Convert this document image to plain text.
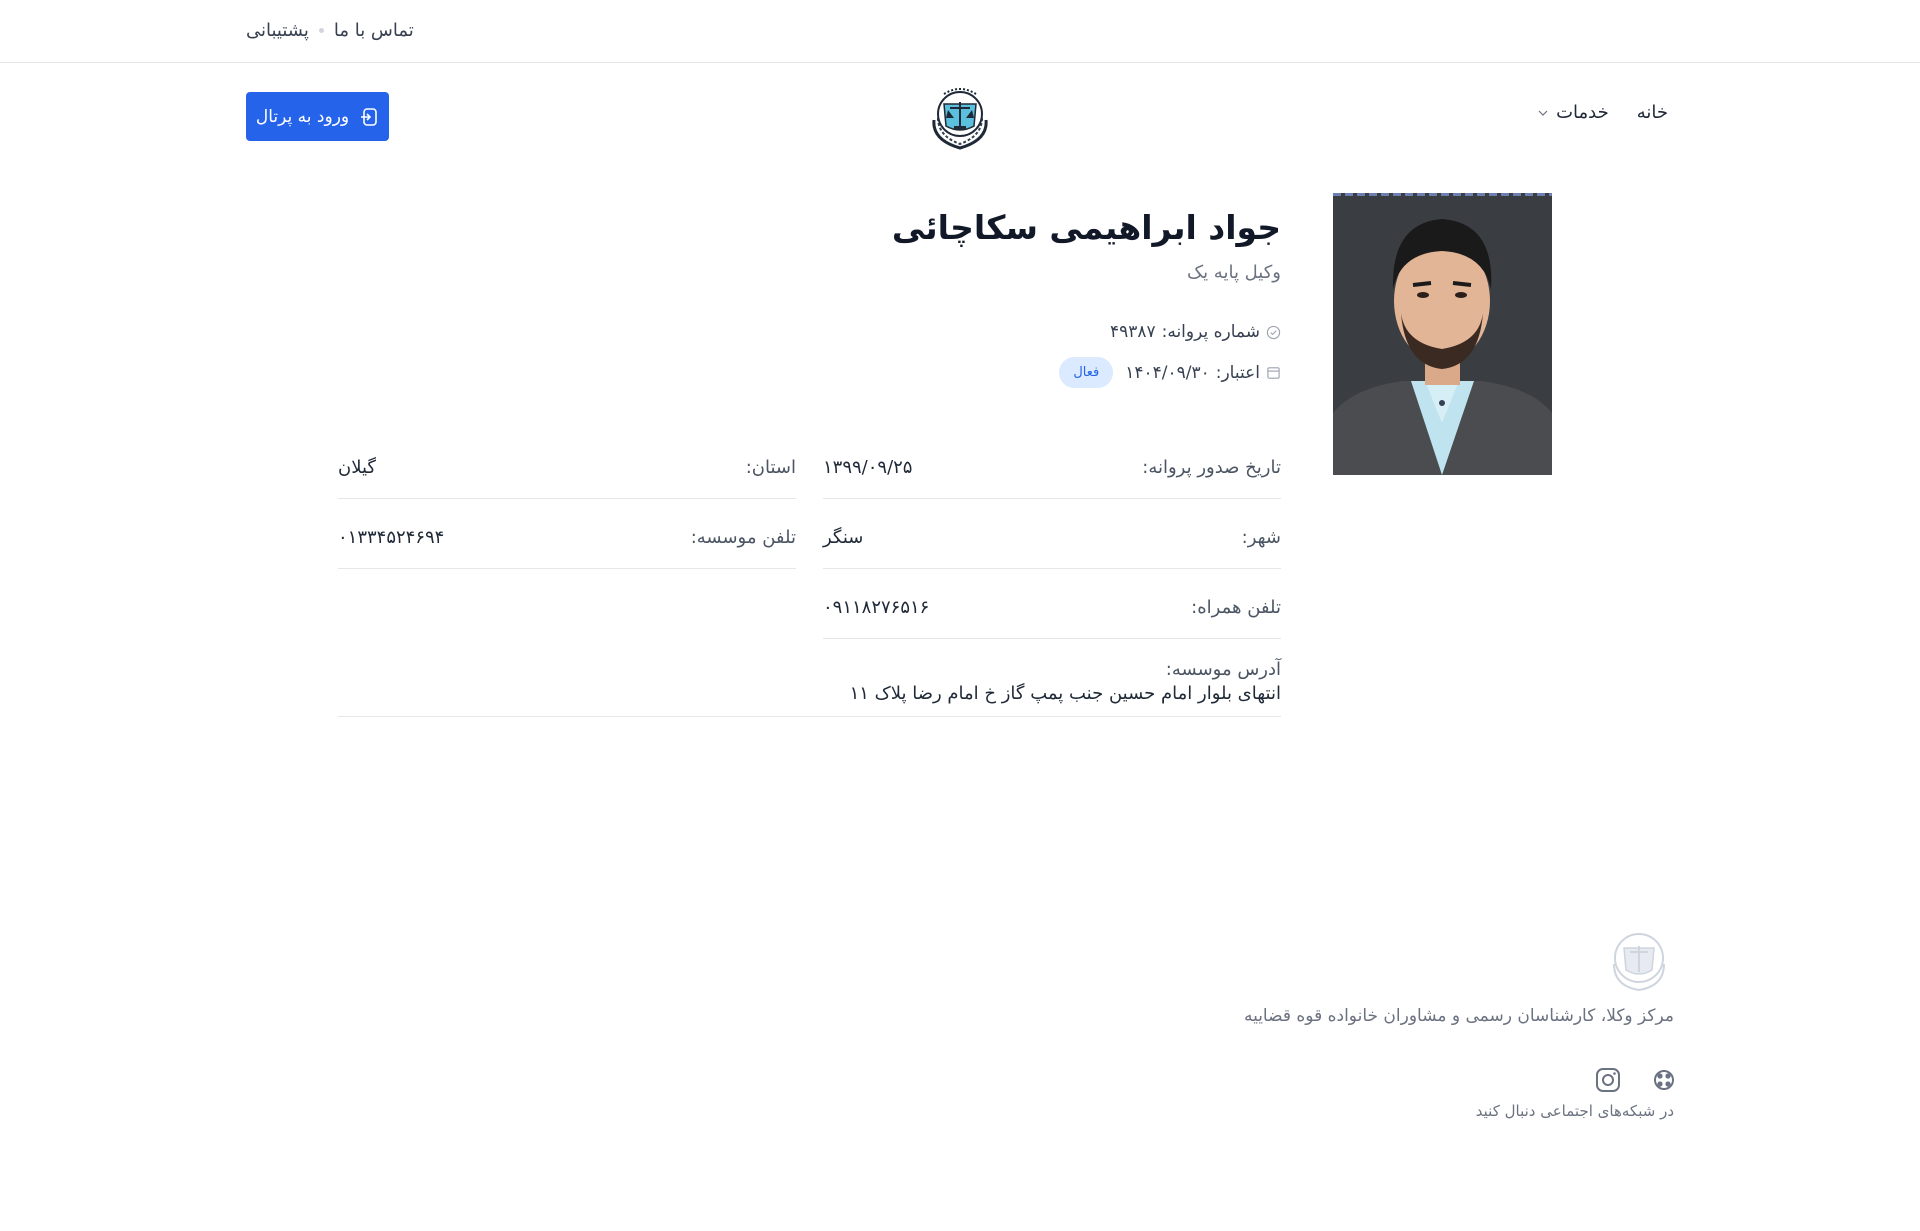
تماس با ما
پشتیبانی
خانه
خدمات
ورود به پرتال
جواد ابراهیمی سکاچائی
وکیل پایه یک
شماره پروانه:
۴۹۳۸۷
اعتبار:
۱۴۰۴/۰۹/۳۰
فعال
تاریخ صدور پروانه:
۱۳۹۹/۰۹/۲۵
استان:
گیلان
شهر:
سنگر
تلفن موسسه:
۰۱۳۳۴۵۲۴۶۹۴
تلفن همراه:
۰۹۱۱۸۲۷۶۵۱۶
آدرس موسسه:
انتهای بلوار امام حسین جنب پمپ گاز خ امام رضا پلاک ۱۱
مرکز وکلا، کارشناسان رسمی و مشاوران خانواده قوه قضاییه
در شبکه‌های اجتماعی دنبال کنید
